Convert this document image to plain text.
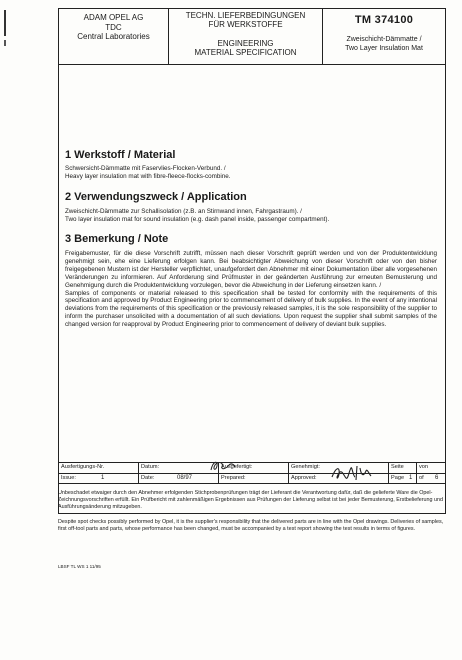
ADAM OPEL AG
TDC
Central Laboratories
TECHN. LIEFERBEDINGUNGEN
FÜR WERKSTOFFE
ENGINEERING
MATERIAL SPECIFICATION
TM 374100
Zweischicht-Dämmatte /
Two Layer Insulation Mat
1 Werkstoff / Material
Schwersicht-Dämmatte mit Faservlies-Flocken-Verbund. /
Heavy layer insulation mat with fibre-fleece-flocks-combine.
2 Verwendungszweck / Application
Zweischicht-Dämmatte zur Schallisolation (z.B. an Stirnwand innen, Fahrgastraum). /
Two layer insulation mat for sound insulation (e.g. dash panel inside, passenger compartment).
3 Bemerkung / Note
Freigabemuster, für die diese Vorschrift zutrifft, müssen nach dieser Vorschrift geprüft werden und von der Produktentwicklung genehmigt sein, ehe eine Lieferung erfolgen kann. Bei beabsichtigter Abweichung von dieser Vorschrift oder von den bisher freigegebenen Mustern ist der Hersteller verpflichtet, unaufgefordert den Abnehmer mit einer Dokumentation über alle vorgesehenen Veränderungen zu informieren. Auf Anforderung sind Prüfmuster in der geänderten Ausführung zur erneuten Bemusterung und Genehmigung durch die Produktentwicklung vorzulegen, bevor die Abweichung in der Lieferung einsetzen kann. /
Samples of components or material released to this specification shall be tested for conformity with the requirements of this specification and approved by Product Engineering prior to commencement of delivery of bulk supplies. In the event of any intentional deviations from the requirements of this specification or the previously released samples, it is the sole responsibility of the supplier to inform the purchaser unsolicited with a documentation of all such deviations. Upon request the supplier shall submit samples of the changed version for reapproval by Product Engineering prior to commencement of delivery of deviant bulk supplies.
Ausfertigungs-Nr.	Datum:	Ausgefertigt:	Genehmigt:	Seite	von
Issue:	1	Date:	08/97	Prepared:	Approved:	Page 1	of 6
Unbeschadet etwaiger durch den Abnehmer erfolgenden Stichprobenprüfungen trägt der Lieferant die Verantwortung dafür, daß die gelieferte Ware die Opel-Zeichnungsvorschriften erfüllt. Ein Prüfbericht mit zahlenmäßigen Ergebnissen aus Prüfungen der Lieferung selbst ist bei jeder Bemusterung, Erstbelieferung und Ausführungsänderung mitzugeben.
Despite spot checks possibly performed by Opel, it is the supplier's responsibility that the delivered parts are in line with the Opel drawings. Deliveries of samples, first off-tool parts and parts, whose performance has been changed, must be accompanied by a test report showing the test results in terms of figures.
LBSF TL WS 1 11/95
